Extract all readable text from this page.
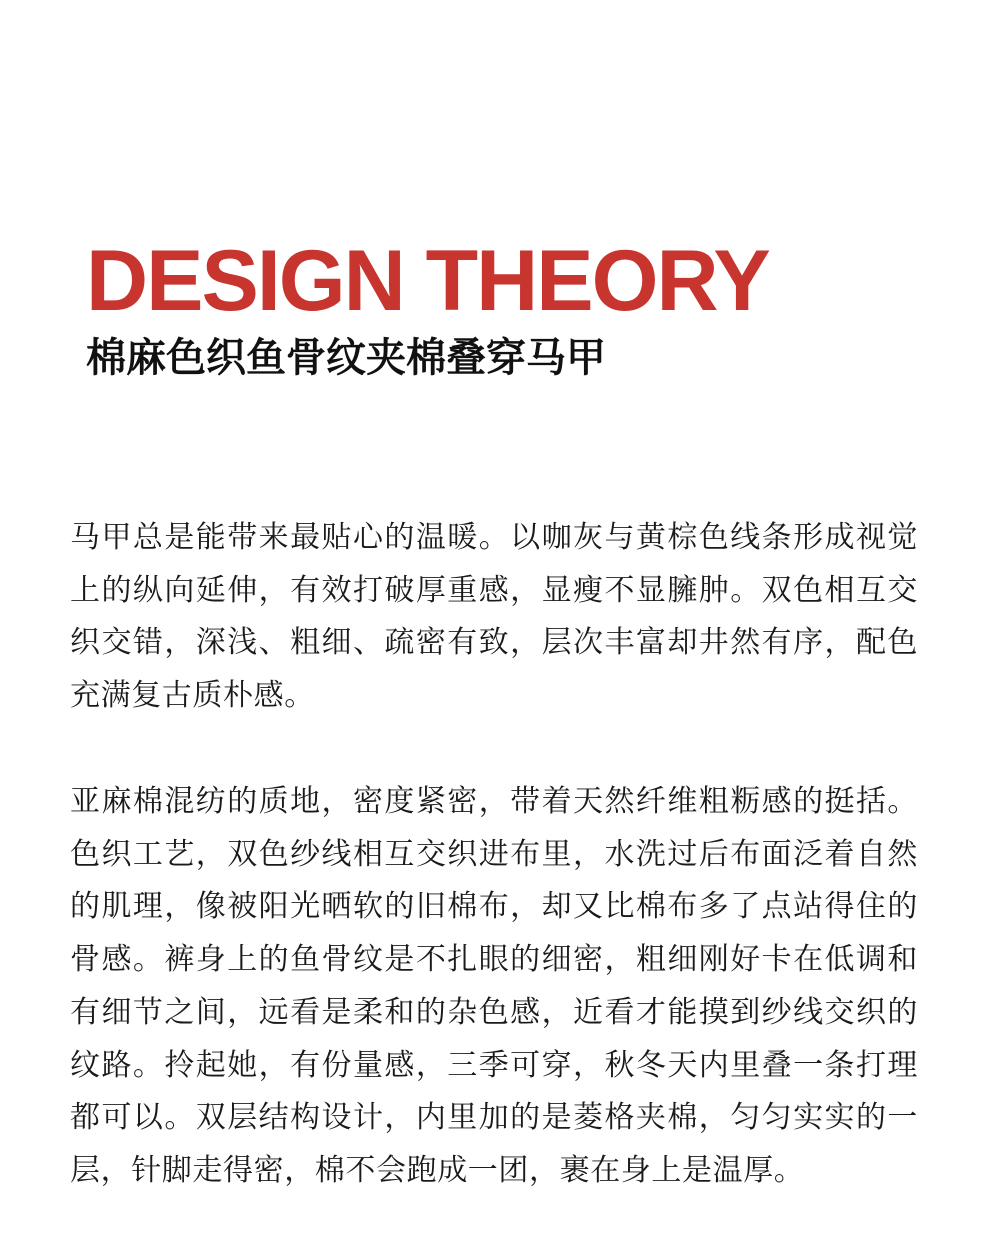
DESIGN THEORY
棉麻色织鱼骨纹夹棉叠穿马甲

马甲总是能带来最贴心的温暖。以咖灰与黄棕色线条形成视觉上的纵向延伸，有效打破厚重感，显瘦不显臃肿。双色相互交织交错，深浅、粗细、疏密有致，层次丰富却井然有序，配色充满复古质朴感。

亚麻棉混纺的质地，密度紧密，带着天然纤维粗粝感的挺括。色织工艺，双色纱线相互交织进布里，水洗过后布面泛着自然的肌理，像被阳光晒软的旧棉布，却又比棉布多了点站得住的骨感。裤身上的鱼骨纹是不扎眼的细密，粗细刚好卡在低调和有细节之间，远看是柔和的杂色感，近看才能摸到纱线交织的纹路。拎起她，有份量感，三季可穿，秋冬天内里叠一条打理都可以。双层结构设计，内里加的是菱格夹棉，匀匀实实的一层，针脚走得密，棉不会跑成一团，裹在身上是温厚。
